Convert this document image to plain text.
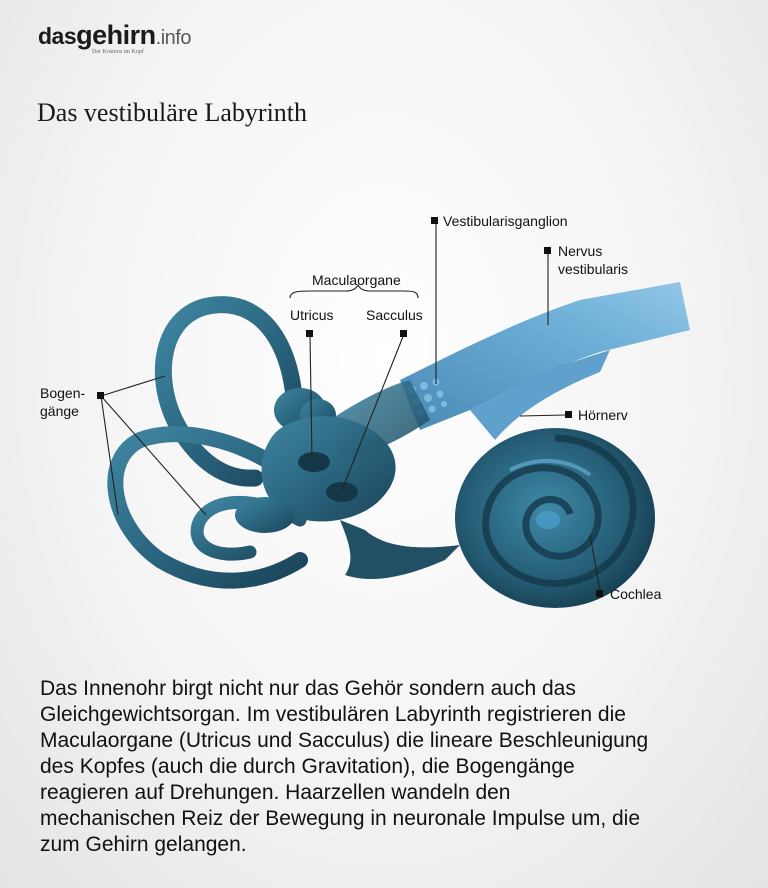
dasgehirn.info
Der Kosmos im Kopf
Das vestibuläre Labyrinth
Vestibularisganglion
Nervus
vestibularis
Maculaorgane
Utricus Sacculus
Bogen-
gänge	Hörnerv
Cochlea

Das Innenohr birgt nicht nur das Gehör sondern auch das
Gleichgewichtsorgan. Im vestibulären Labyrinth registrieren die
Maculaorgane (Utricus und Sacculus) die lineare Beschleunigung
des Kopfes (auch die durch Gravitation), die Bogengänge
reagieren auf Drehungen. Haarzellen wandeln den
mechanischen Reiz der Bewegung in neuronale Impulse um, die
zum Gehirn gelangen.
